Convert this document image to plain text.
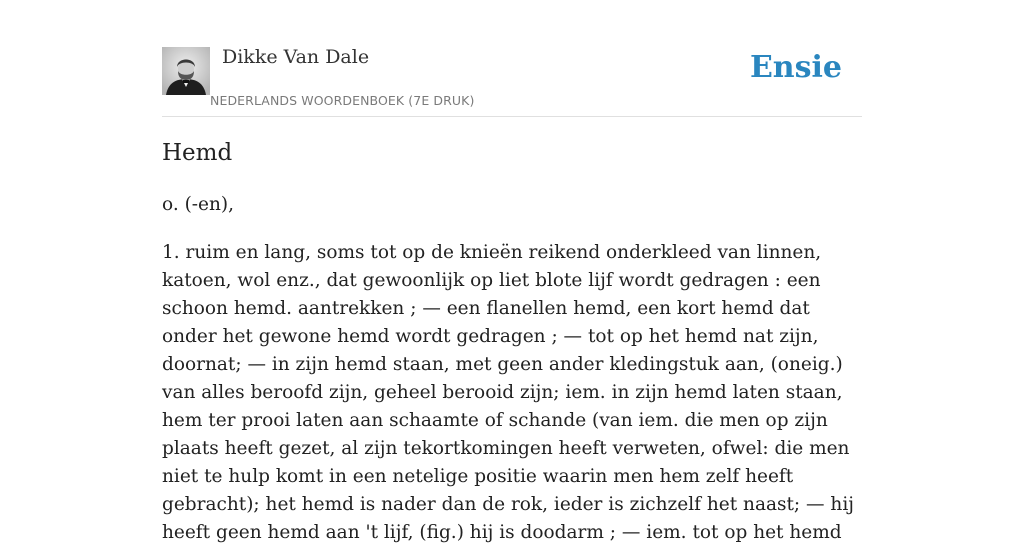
Dikke Van Dale
NEDERLANDS WOORDENBOEK (7E DRUK)
Ensie
Hemd

o. (-en),

1. ruim en lang, soms tot op de knieën reikend onderkleed van linnen, katoen, wol enz., dat gewoonlijk op liet blote lijf wordt gedragen : een schoon hemd. aantrekken ; — een flanellen hemd, een kort hemd dat onder het gewone hemd wordt gedragen ; — tot op het hemd nat zijn, doornat; — in zijn hemd staan, met geen ander kledingstuk aan, (oneig.) van alles beroofd zijn, geheel berooid zijn; iem. in zijn hemd laten staan, hem ter prooi laten aan schaamte of schande (van iem. die men op zijn plaats heeft gezet, al zijn tekortkomingen heeft verweten, ofwel: die men niet te hulp komt in een netelige positie waarin men hem zelf heeft gebracht); het hemd is nader dan de rok, ieder is zichzelf het naast; — hij heeft geen hemd aan 't lijf, (fig.) hij is doodarm ; — iem. tot op het hemd
